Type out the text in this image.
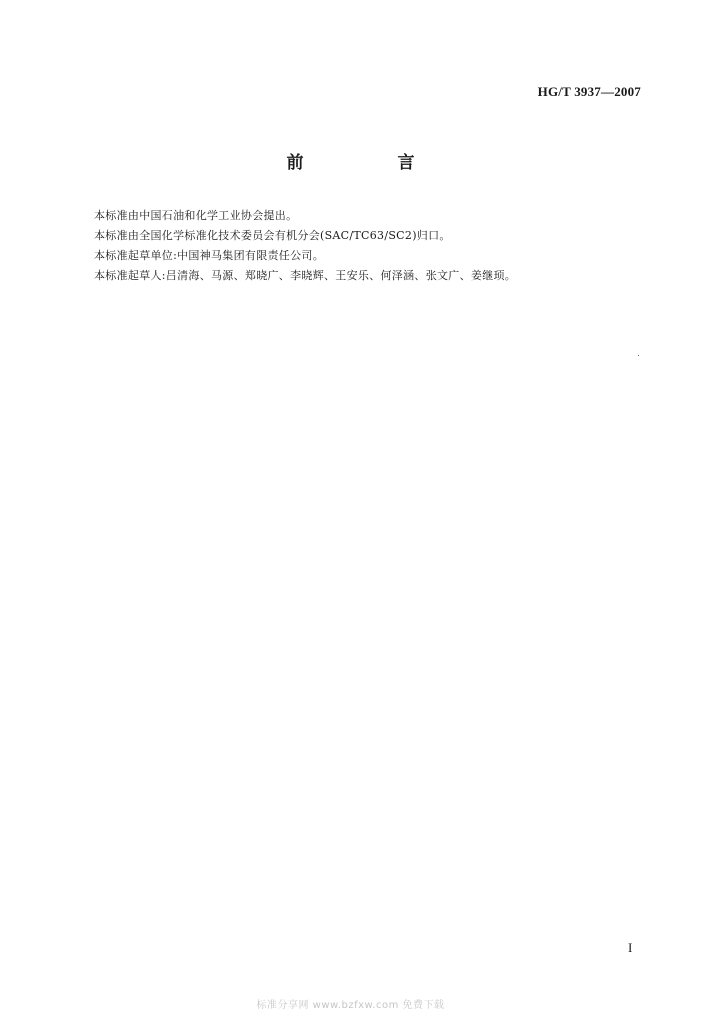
HG/T 3937—2007
前 言

本标准由中国石油和化学工业协会提出。

本标准由全国化学标准化技术委员会有机分会(SAC/TC63/SC2)归口。

本标准起草单位:中国神马集团有限责任公司。

本标准起草人:吕清海、马源、郑晓广、李晓辉、王安乐、何泽涵、张文广、姜继顼。

I
标准分享网 www.bzfxw.com 免费下载
